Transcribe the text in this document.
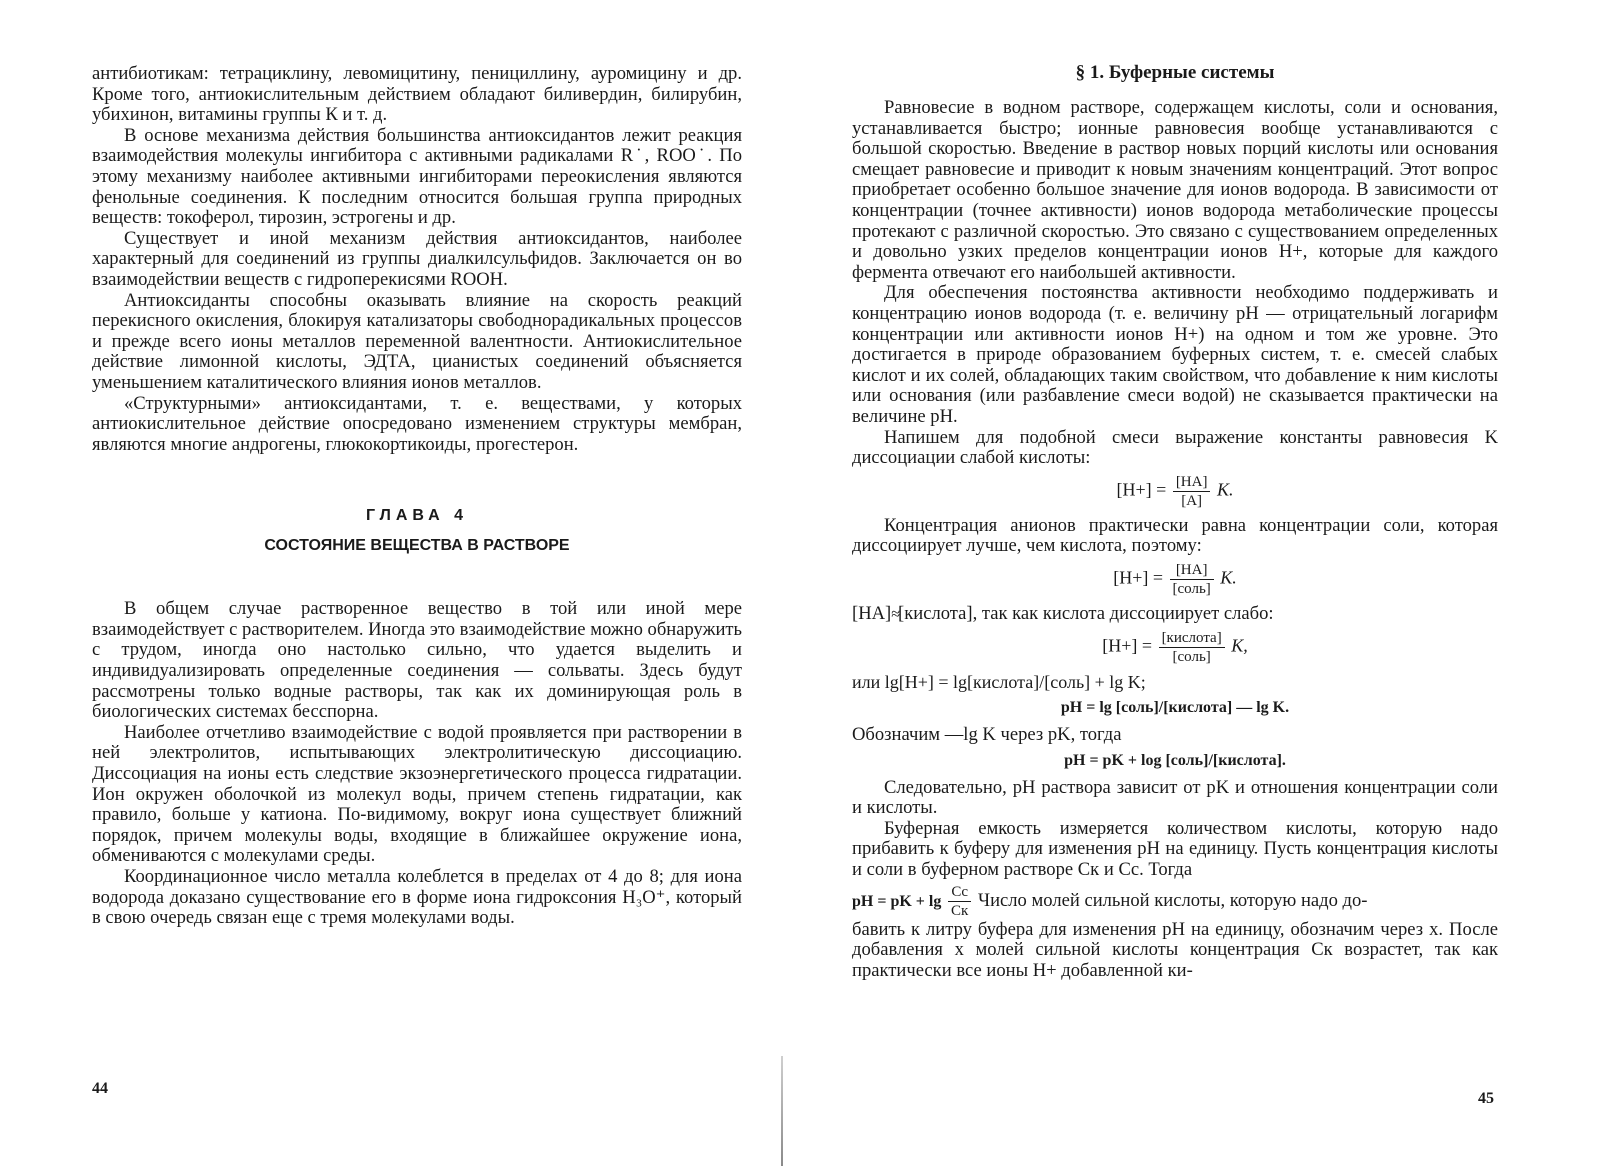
антибиотикам: тетрациклину, левомицитину, пенициллину, ауромицину и др. Кроме того, антиокислительным действием обладают биливердин, билирубин, убихинон, витамины группы К и т. д.

В основе механизма действия большинства антиоксидантов лежит реакция взаимодействия молекулы ингибитора с активными радикалами R˙, ROO˙. По этому механизму наиболее активными ингибиторами переокисления являются фенольные соединения. К последним относится большая группа природных веществ: токоферол, тирозин, эстрогены и др.

Существует и иной механизм действия антиоксидантов, наиболее характерный для соединений из группы диалкилсульфидов. Заключается он во взаимодействии веществ с гидроперекисями ROOH.

Антиоксиданты способны оказывать влияние на скорость реакций перекисного окисления, блокируя катализаторы свободнорадикальных процессов и прежде всего ионы металлов переменной валентности. Антиокислительное действие лимонной кислоты, ЭДТА, цианистых соединений объясняется уменьшением каталитического влияния ионов металлов.

«Структурными» антиоксидантами, т. е. веществами, у которых антиокислительное действие опосредовано изменением структуры мембран, являются многие андрогены, глюкокортикоиды, прогестерон.

ГЛАВА 4
СОСТОЯНИЕ ВЕЩЕСТВА В РАСТВОРЕ

В общем случае растворенное вещество в той или иной мере взаимодействует с растворителем. Иногда это взаимодействие можно обнаружить с трудом, иногда оно настолько сильно, что удается выделить и индивидуализировать определенные соединения — сольваты. Здесь будут рассмотрены только водные растворы, так как их доминирующая роль в биологических системах бесспорна.

Наиболее отчетливо взаимодействие с водой проявляется при растворении в ней электролитов, испытывающих электролитическую диссоциацию. Диссоциация на ионы есть следствие экзоэнергетического процесса гидратации. Ион окружен оболочкой из молекул воды, причем степень гидратации, как правило, больше у катиона. По-видимому, вокруг иона существует ближний порядок, причем молекулы воды, входящие в ближайшее окружение иона, обмениваются с молекулами среды.

Координационное число металла колеблется в пределах от 4 до 8; для иона водорода доказано существование его в форме иона гидроксония H₃O⁺, который в свою очередь связан еще с тремя молекулами воды.

44
§ 1. Буферные системы

Равновесие в водном растворе, содержащем кислоты, соли и основания, устанавливается быстро; ионные равновесия вообще устанавливаются с большой скоростью. Введение в раствор новых порций кислоты или основания смещает равновесие и приводит к новым значениям концентраций. Этот вопрос приобретает особенно большое значение для ионов водорода. В зависимости от концентрации (точнее активности) ионов водорода метаболические процессы протекают с различной скоростью. Это связано с существованием определенных и довольно узких пределов концентрации ионов H+, которые для каждого фермента отвечают его наибольшей активности.

Для обеспечения постоянства активности необходимо поддерживать и концентрацию ионов водорода (т. е. величину pH — отрицательный логарифм концентрации или активности ионов H+) на одном и том же уровне. Это достигается в природе образованием буферных систем, т. е. смесей слабых кислот и их солей, обладающих таким свойством, что добавление к ним кислоты или основания (или разбавление смеси водой) не сказывается практически на величине pH.

Напишем для подобной смеси выражение константы равновесия K диссоциации слабой кислоты:

$[H+] = \frac{[HA]}{[A]} K$.

Концентрация анионов практически равна концентрации соли, которая диссоциирует лучше, чем кислота, поэтому:

$[H+] = \frac{[HA]}{\text{[соль]}} K$.

[HA]≈[кислота], так как кислота диссоциирует слабо:

$[H+] = \frac{\text{[кислота]}}{\text{[соль]}} K$,

или lg[H+] = lg[кислота]/[соль] + lg K;

pH = lg [соль]/[кислота] — lg K.

Обозначим —lg K через pK, тогда

pH = pK + log [соль]/[кислота].

Следовательно, pH раствора зависит от pK и отношения концентрации соли и кислоты.

Буферная емкость измеряется количеством кислоты, которую надо прибавить к буферу для изменения pH на единицу. Пусть концентрация кислоты и соли в буферном растворе Cк и Cc. Тогда

pH = pK + $\lg \frac{Cc}{Cк}$ Число молей сильной кислоты, которую надо до-

бавить к литру буфера для изменения pH на единицу, обозначим через x. После добавления x молей сильной кислоты концентрация Cк возрастет, так как практически все ионы H+ добавленной ки-

45
